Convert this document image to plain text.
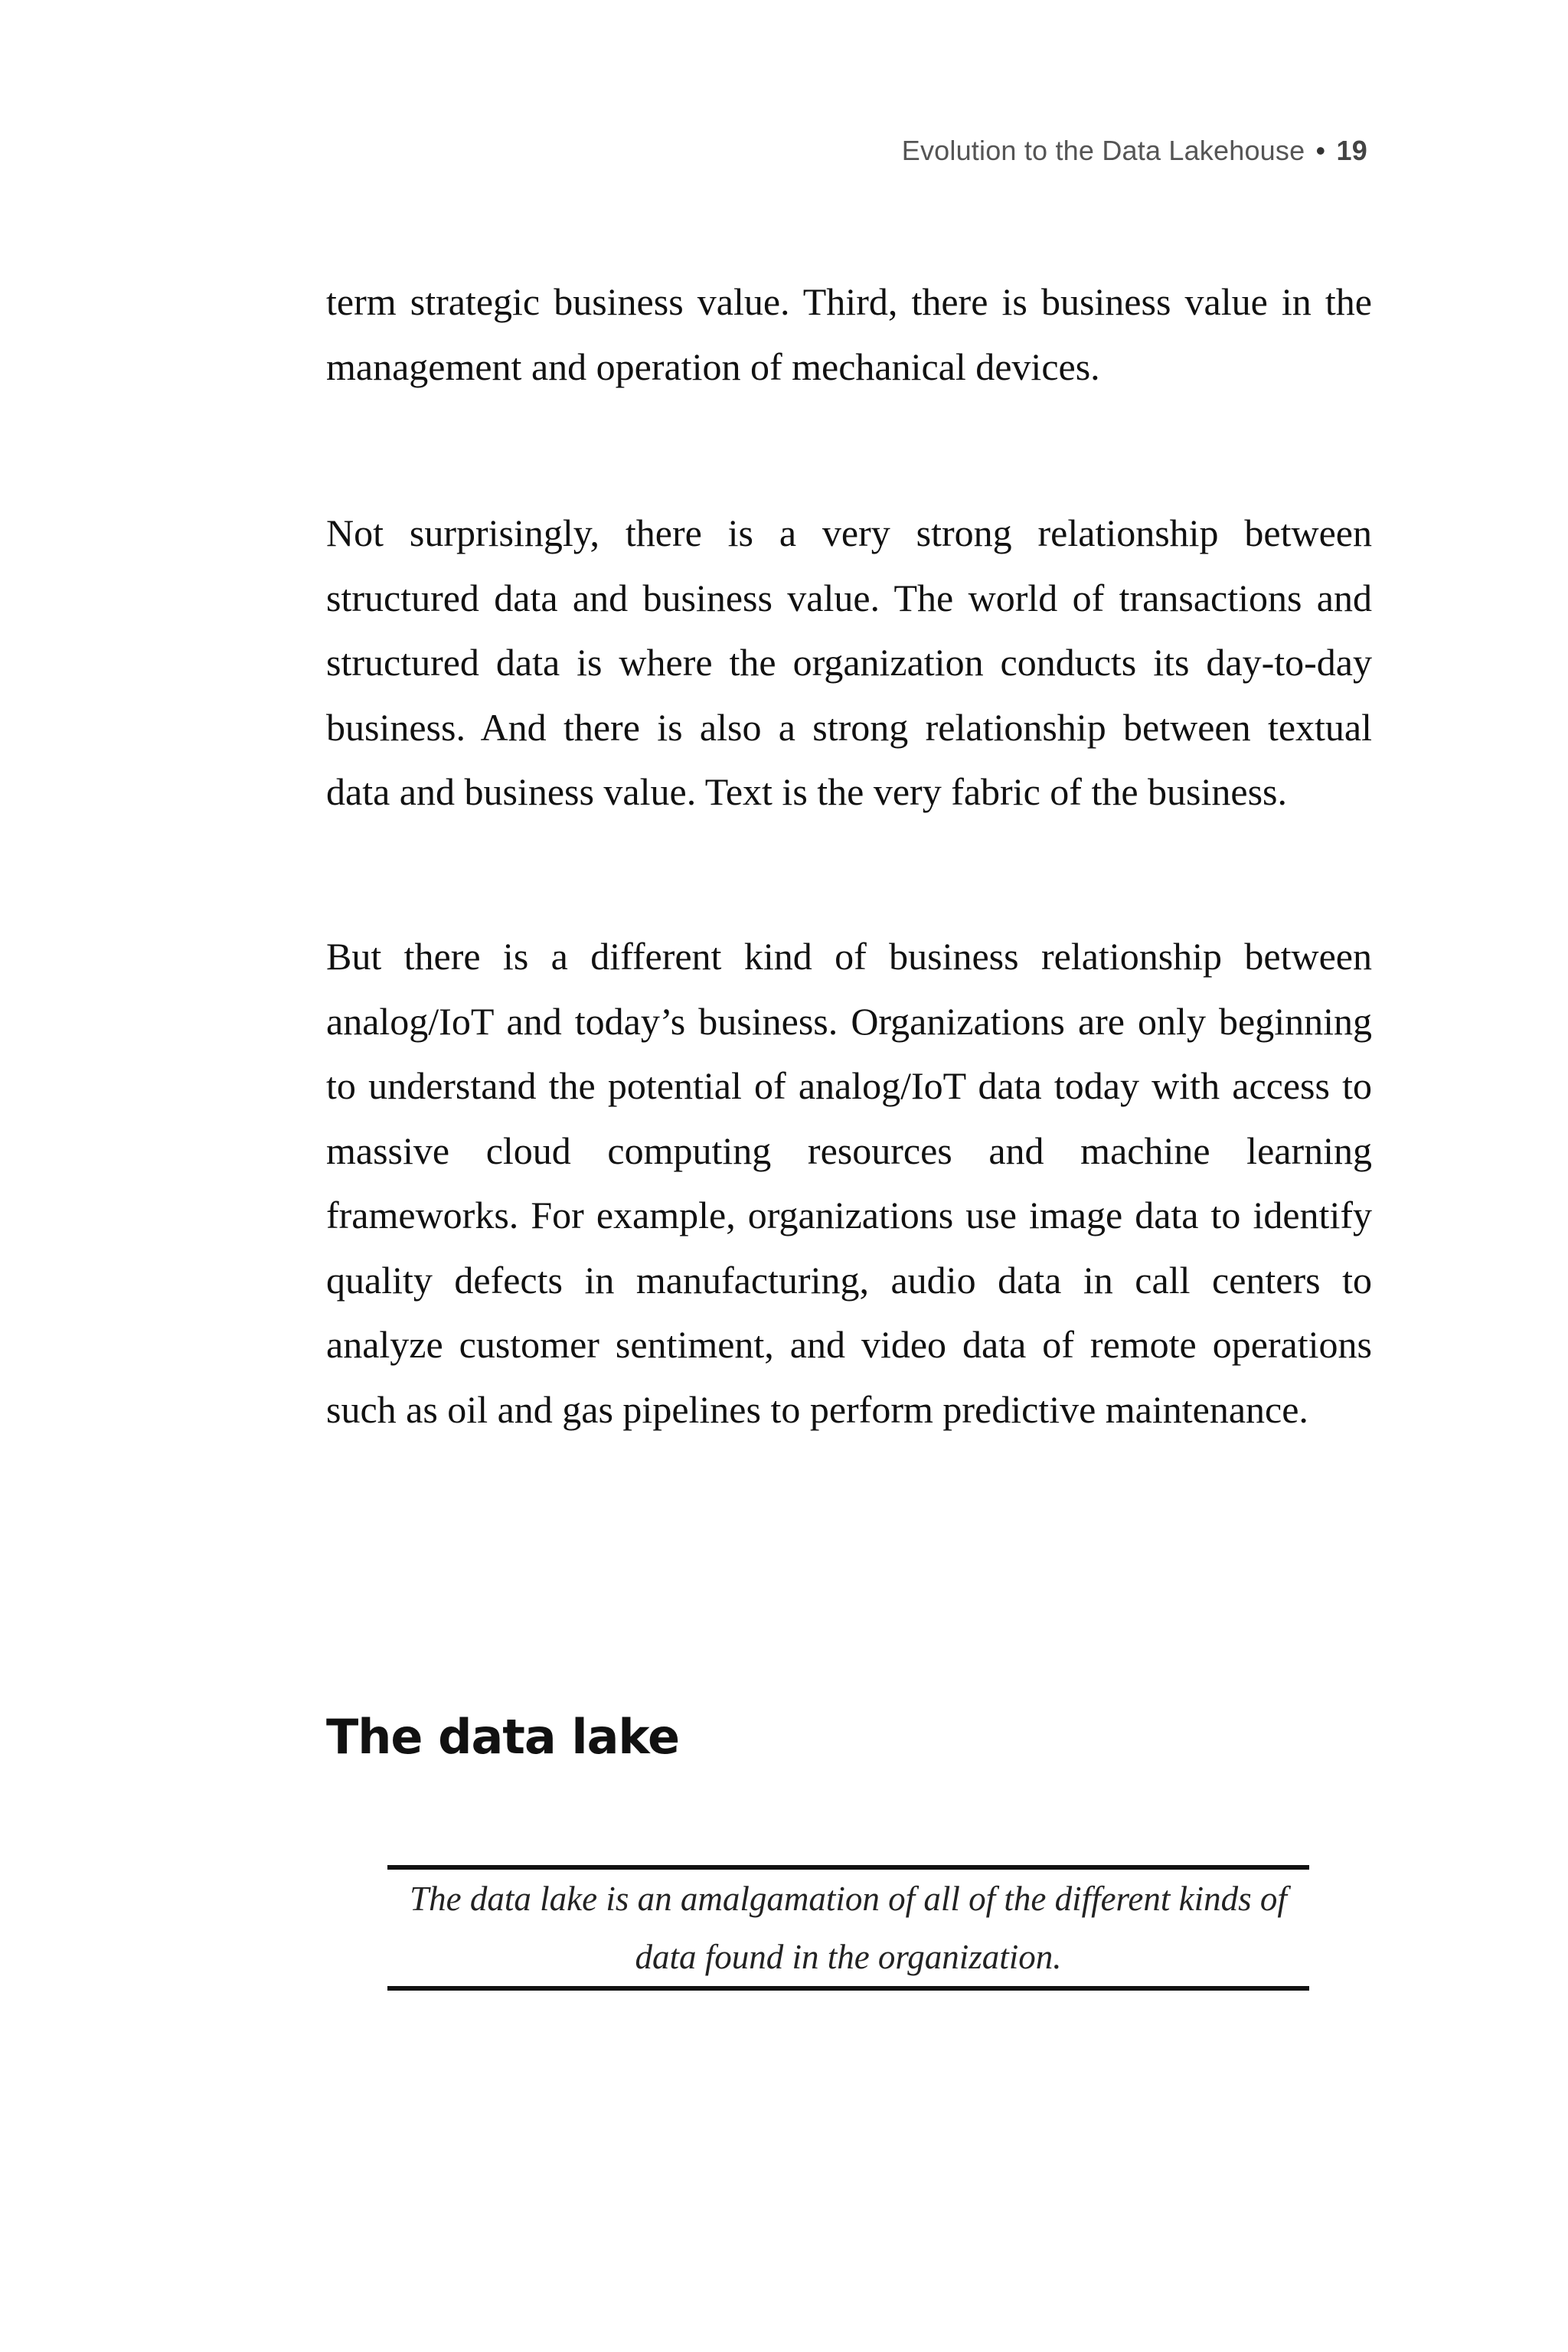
Evolution to the Data Lakehouse • 19

term strategic business value. Third, there is business value in the management and operation of mechanical devices.

Not surprisingly, there is a very strong relationship between structured data and business value. The world of transactions and structured data is where the organization conducts its day-to-day business. And there is also a strong relationship between textual data and business value. Text is the very fabric of the business.

But there is a different kind of business relationship between analog/IoT and today’s business. Organizations are only beginning to understand the potential of analog/IoT data today with access to massive cloud computing resources and machine learning frameworks. For example, organizations use image data to identify quality defects in manufacturing, audio data in call centers to analyze customer sentiment, and video data of remote operations such as oil and gas pipelines to perform predictive maintenance.

The data lake

The data lake is an amalgamation of all of the different kinds of data found in the organization.
